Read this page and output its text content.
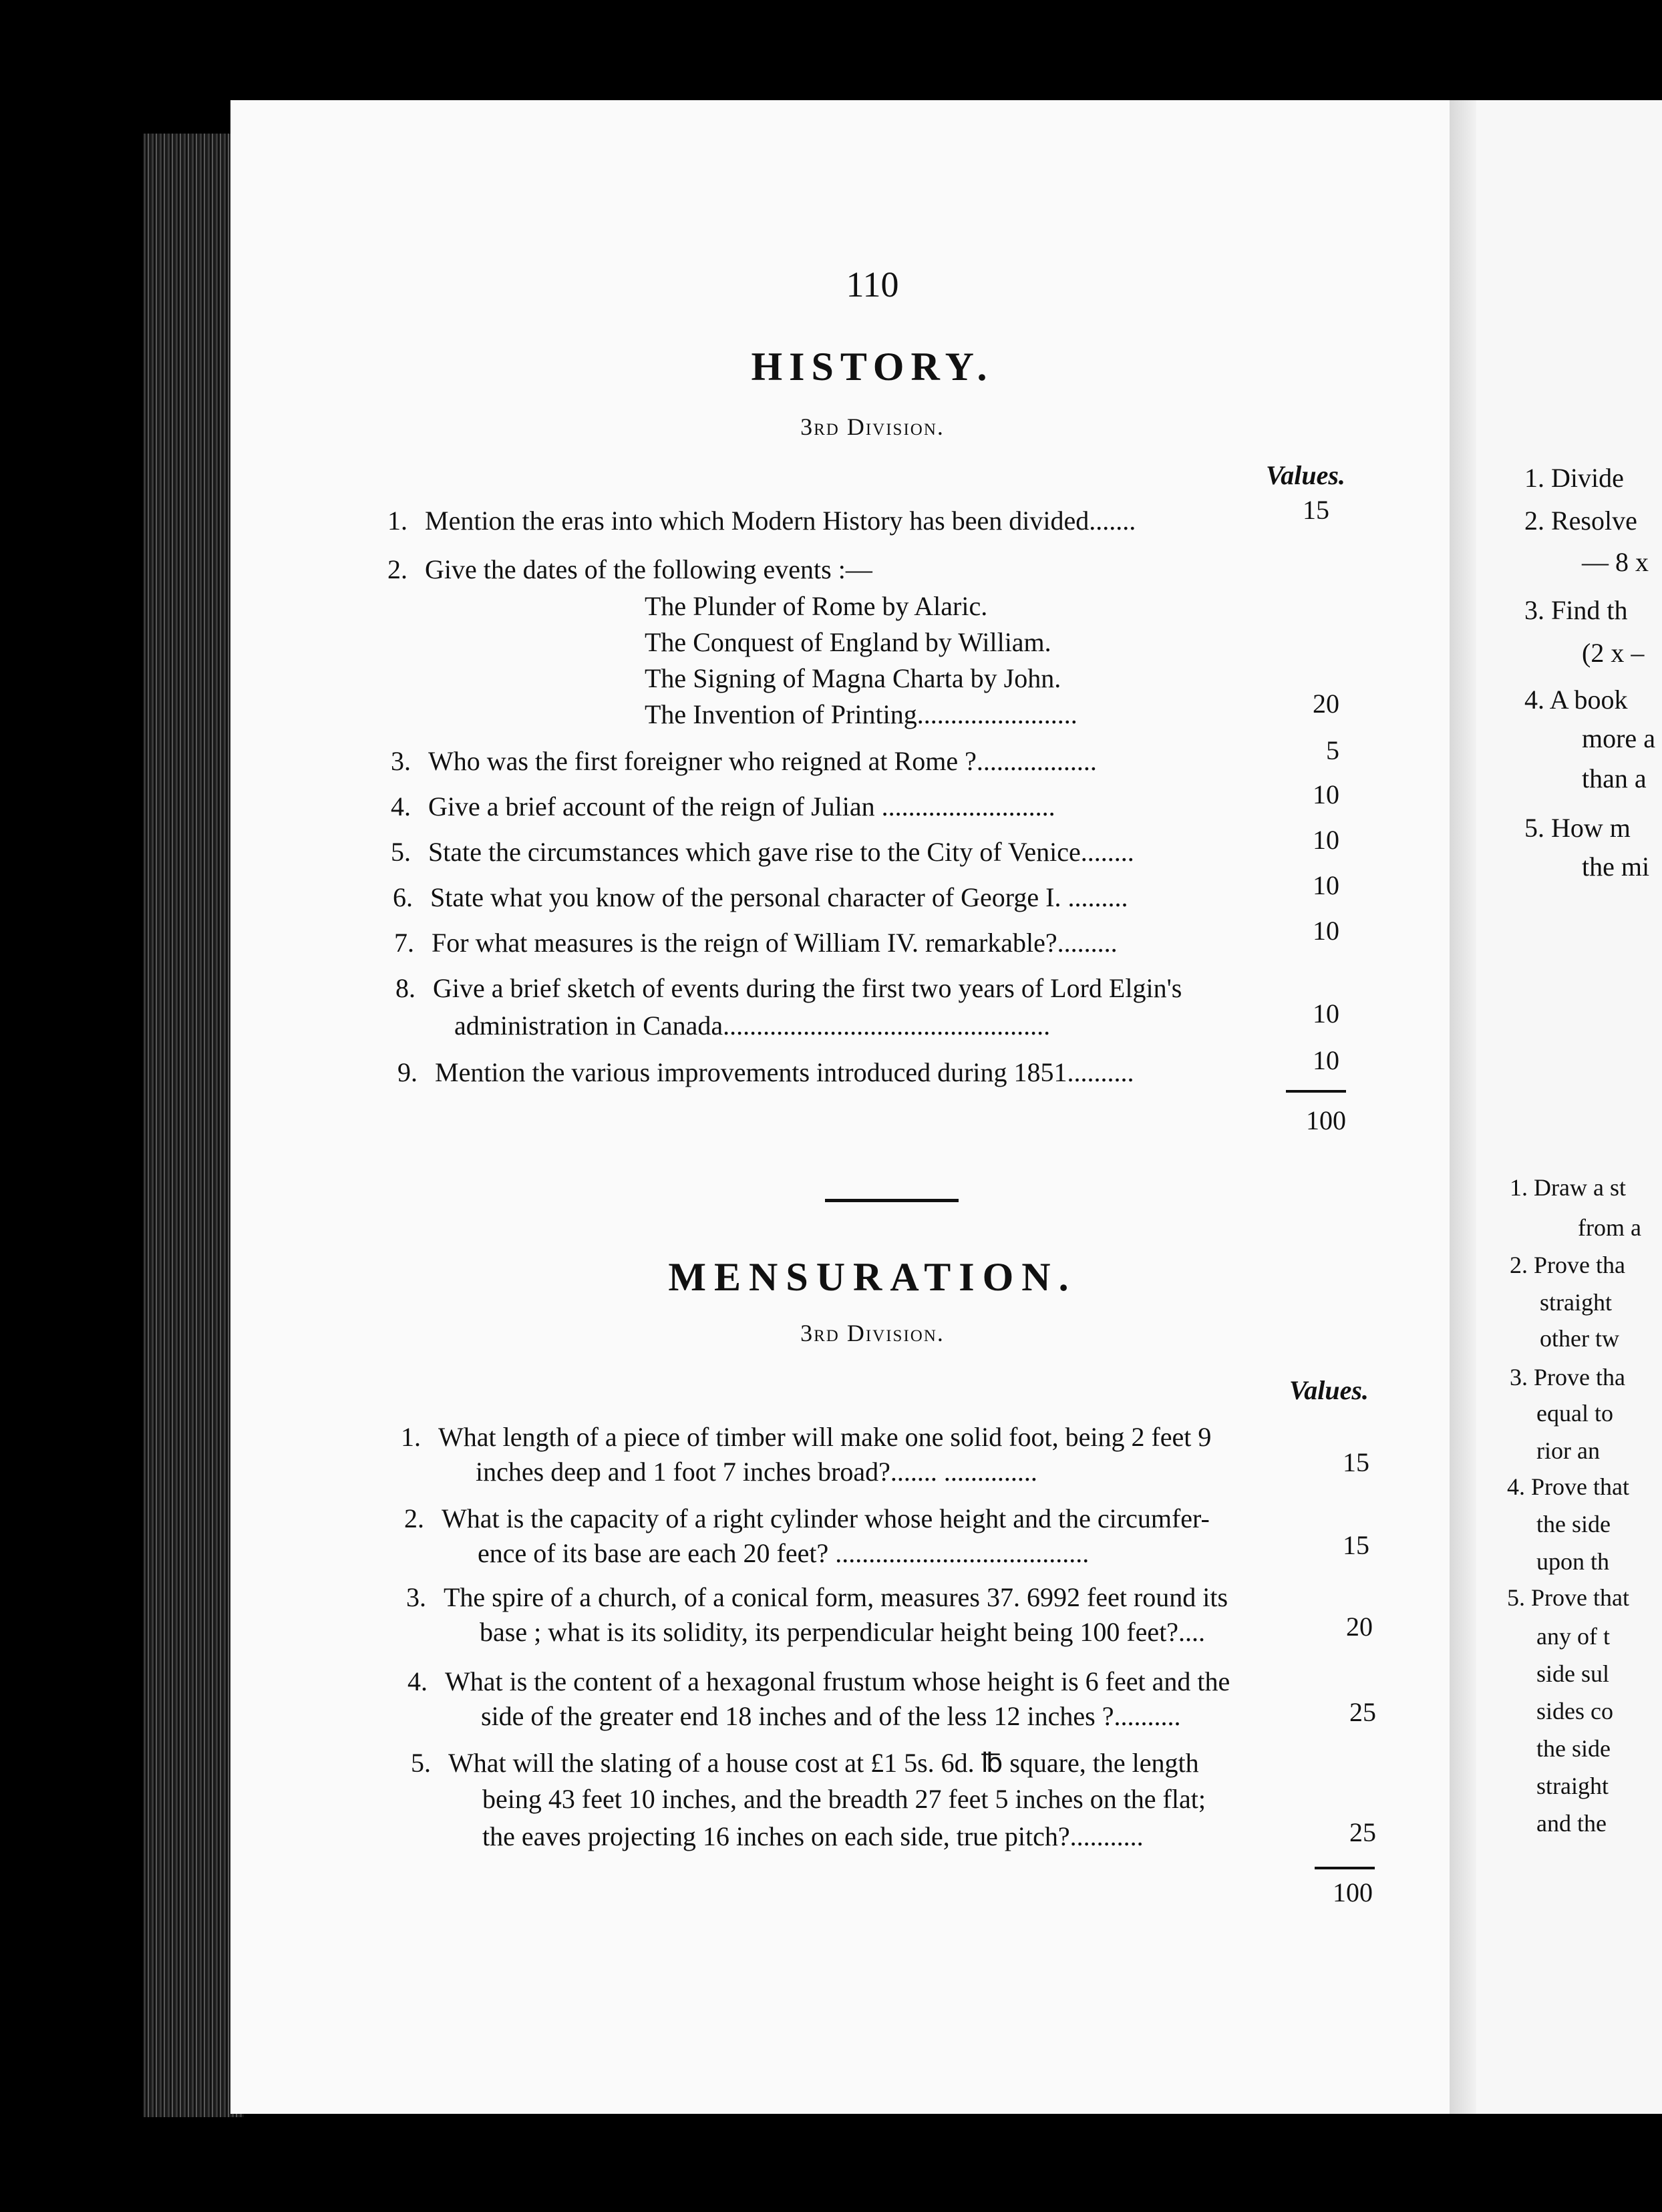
110
HISTORY.
3rd Division.
Values.
1. Mention the eras into which Modern History has been divided.......	15
2. Give the dates of the following events :—
The Plunder of Rome by Alaric.
The Conquest of England by William.
The Signing of Magna Charta by John.
The Invention of Printing........................	20
3. Who was the first foreigner who reigned at Rome ?..................	5
4. Give a brief account of the reign of Julian ..........................	10
5. State the circumstances which gave rise to the City of Venice........	10
6. State what you know of the personal character of George I. .........	10
7. For what measures is the reign of William IV. remarkable?.........	10
8. Give a brief sketch of events during the first two years of Lord Elgin's
administration in Canada.................................................	10
9. Mention the various improvements introduced during 1851..........	10
100
MENSURATION.
3rd Division.
Values.
1. What length of a piece of timber will make one solid foot, being 2 feet 9
inches deep and 1 foot 7 inches broad?....... ..............	15
2. What is the capacity of a right cylinder whose height and the circumfer-
ence of its base are each 20 feet? ......................................	15
3. The spire of a church, of a conical form, measures 37. 6992 feet round its
base ; what is its solidity, its perpendicular height being 100 feet?....	20
4. What is the content of a hexagonal frustum whose height is 6 feet and the
side of the greater end 18 inches and of the less 12 inches ?..........	25
5. What will the slating of a house cost at £1 5s. 6d. ℔ square, the length
being 43 feet 10 inches, and the breadth 27 feet 5 inches on the flat;
the eaves projecting 16 inches on each side, true pitch?...........	25
100
1. Divide
2. Resolve
— 8 x
3. Find th
(2 x –
4. A book
more a
than a
5. How m
the mi
1. Draw a st
from a
2. Prove tha
straight
other tw
3. Prove tha
equal to
rior an
4. Prove that
the side
upon th
5. Prove that
any of t
side sul
sides co
the side
straight
and the
